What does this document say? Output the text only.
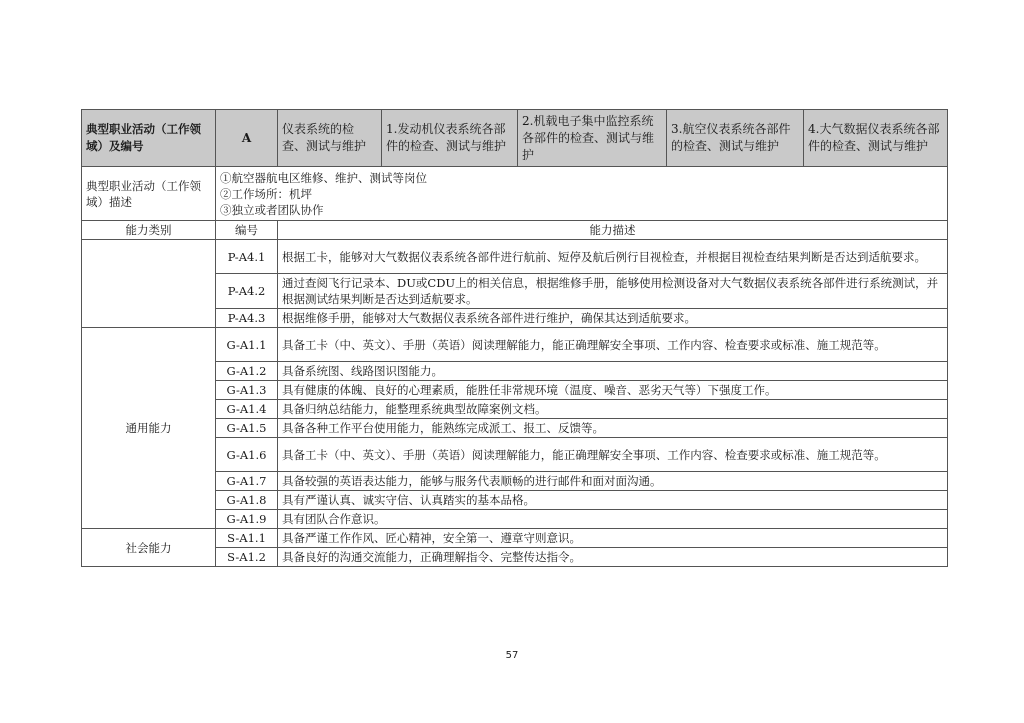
典型职业活动（工作领域）及编号	A	仪表系统的检查、测试与维护	1.发动机仪表系统各部件的检查、测试与维护	2.机载电子集中监控系统各部件的检查、测试与维护	3.航空仪表系统各部件的检查、测试与维护	4.大气数据仪表系统各部件的检查、测试与维护
典型职业活动（工作领域）描述	①航空器航电区维修、维护、测试等岗位
②工作场所：机坪
③独立或者团队协作					

能力类别	编号	能力描述				
	P-A4.1	根据工卡，能够对大气数据仪表系统各部件进行航前、短停及航后例行目视检查，并根据目视检查结果判断是否达到适航要求。				
	P-A4.2	通过查阅飞行记录本、DU或CDU上的相关信息，根据维修手册，能够使用检测设备对大气数据仪表系统各部件进行系统测试，并根据测试结果判断是否达到适航要求。				
	P-A4.3	根据维修手册，能够对大气数据仪表系统各部件进行维护，确保其达到适航要求。				
通用能力	G-A1.1	具备工卡（中、英文）、手册（英语）阅读理解能力，能正确理解安全事项、工作内容、检查要求或标准、施工规范等。				
	G-A1.2	具备系统图、线路图识图能力。				
	G-A1.3	具有健康的体魄、良好的心理素质，能胜任非常规环境（温度、噪音、恶劣天气等）下强度工作。				
	G-A1.4	具备归纳总结能力，能整理系统典型故障案例文档。				
	G-A1.5	具备各种工作平台使用能力，能熟练完成派工、报工、反馈等。				
	G-A1.6	具备工卡（中、英文）、手册（英语）阅读理解能力，能正确理解安全事项、工作内容、检查要求或标准、施工规范等。				
	G-A1.7	具备较强的英语表达能力，能够与服务代表顺畅的进行邮件和面对面沟通。				
	G-A1.8	具有严谨认真、诚实守信、认真踏实的基本品格。				
	G-A1.9	具有团队合作意识。				
社会能力	S-A1.1	具备严谨工作作风、匠心精神，安全第一、遵章守则意识。				
	S-A1.2	具备良好的沟通交流能力，正确理解指令、完整传达指令。				
57
